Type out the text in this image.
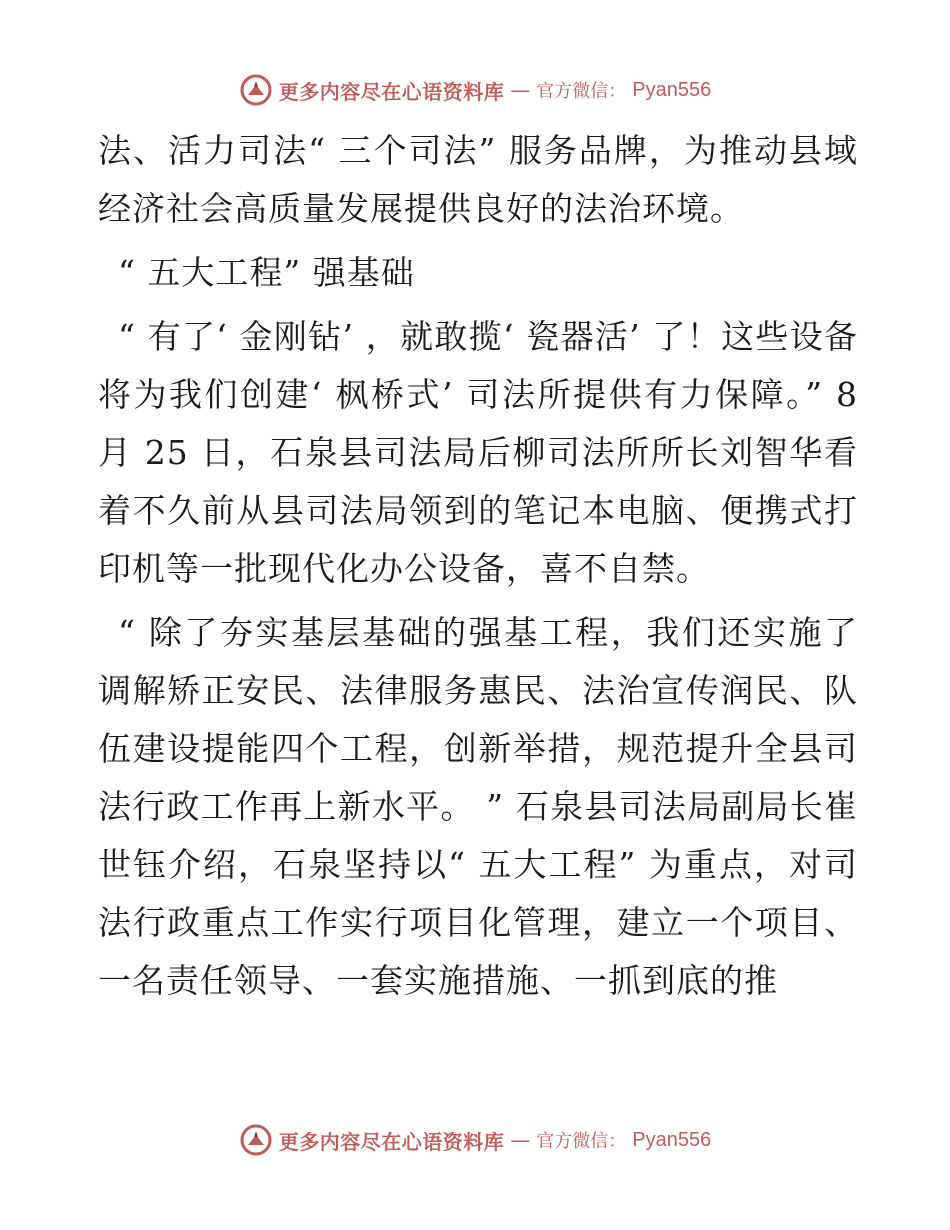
更多内容尽在心语资料库 — 官方微信： Pyan556

法、活力司法“ 三个司法” 服务品牌，为推动县域经济社会高质量发展提供良好的法治环境。

“ 五大工程” 强基础

“ 有了‘ 金刚钻’ ，就敢揽‘ 瓷器活’ 了！这些设备将为我们创建‘ 枫桥式’ 司法所提供有力保障。” 8 月 25 日，石泉县司法局后柳司法所所长刘智华看着不久前从县司法局领到的笔记本电脑、便携式打印机等一批现代化办公设备，喜不自禁。

“ 除了夯实基层基础的强基工程，我们还实施了调解矫正安民、法律服务惠民、法治宣传润民、队伍建设提能四个工程，创新举措，规范提升全县司法行政工作再上新水平。 ” 石泉县司法局副局长崔世钰介绍，石泉坚持以“ 五大工程” 为重点，对司法行政重点工作实行项目化管理，建立一个项目、一名责任领导、一套实施措施、一抓到底的推

更多内容尽在心语资料库 — 官方微信： Pyan556
